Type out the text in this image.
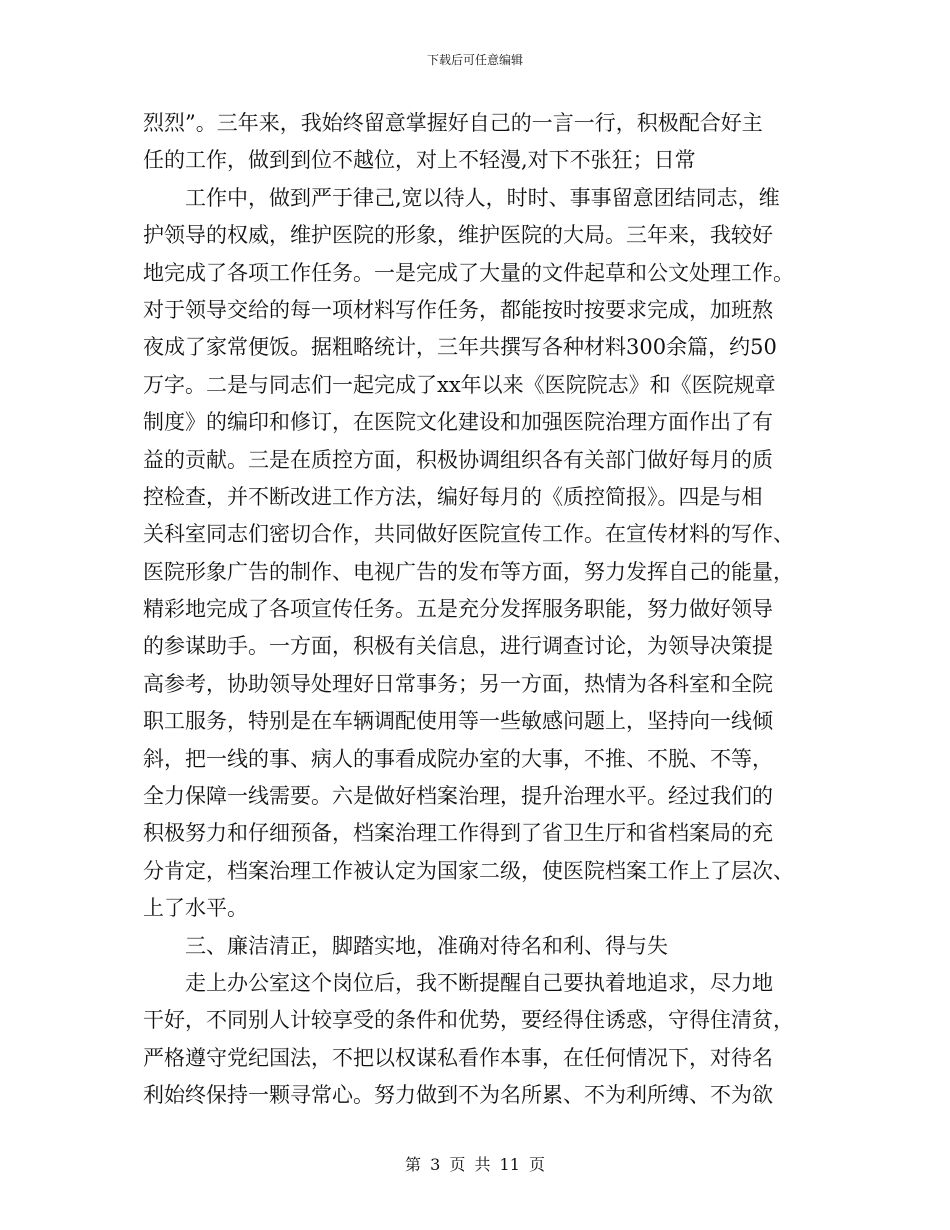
下载后可任意编辑
烈烈”。三年来，我始终留意掌握好自己的一言一行，积极配合好主
任的工作，做到到位不越位，对上不轻漫,对下不张狂；日常
工作中，做到严于律己,宽以待人，时时、事事留意团结同志，维
护领导的权威，维护医院的形象，维护医院的大局。三年来，我较好
地完成了各项工作任务。一是完成了大量的文件起草和公文处理工作。
对于领导交给的每一项材料写作任务，都能按时按要求完成，加班熬
夜成了家常便饭。据粗略统计，三年共撰写各种材料300余篇，约50
万字。二是与同志们一起完成了xx年以来《医院院志》和《医院规章
制度》的编印和修订，在医院文化建设和加强医院治理方面作出了有
益的贡献。三是在质控方面，积极协调组织各有关部门做好每月的质
控检查，并不断改进工作方法，编好每月的《质控简报》。四是与相
关科室同志们密切合作，共同做好医院宣传工作。在宣传材料的写作、
医院形象广告的制作、电视广告的发布等方面，努力发挥自己的能量，
精彩地完成了各项宣传任务。五是充分发挥服务职能，努力做好领导
的参谋助手。一方面，积极有关信息，进行调查讨论，为领导决策提
高参考，协助领导处理好日常事务；另一方面，热情为各科室和全院
职工服务，特别是在车辆调配使用等一些敏感问题上，坚持向一线倾
斜，把一线的事、病人的事看成院办室的大事，不推、不脱、不等，
全力保障一线需要。六是做好档案治理，提升治理水平。经过我们的
积极努力和仔细预备，档案治理工作得到了省卫生厅和省档案局的充
分肯定，档案治理工作被认定为国家二级，使医院档案工作上了层次、
上了水平。
三、廉洁清正，脚踏实地，准确对待名和利、得与失
走上办公室这个岗位后，我不断提醒自己要执着地追求，尽力地
干好，不同别人计较享受的条件和优势，要经得住诱惑，守得住清贫，
严格遵守党纪国法，不把以权谋私看作本事，在任何情况下，对待名
利始终保持一颗寻常心。努力做到不为名所累、不为利所缚、不为欲
第 3 页 共 11 页
